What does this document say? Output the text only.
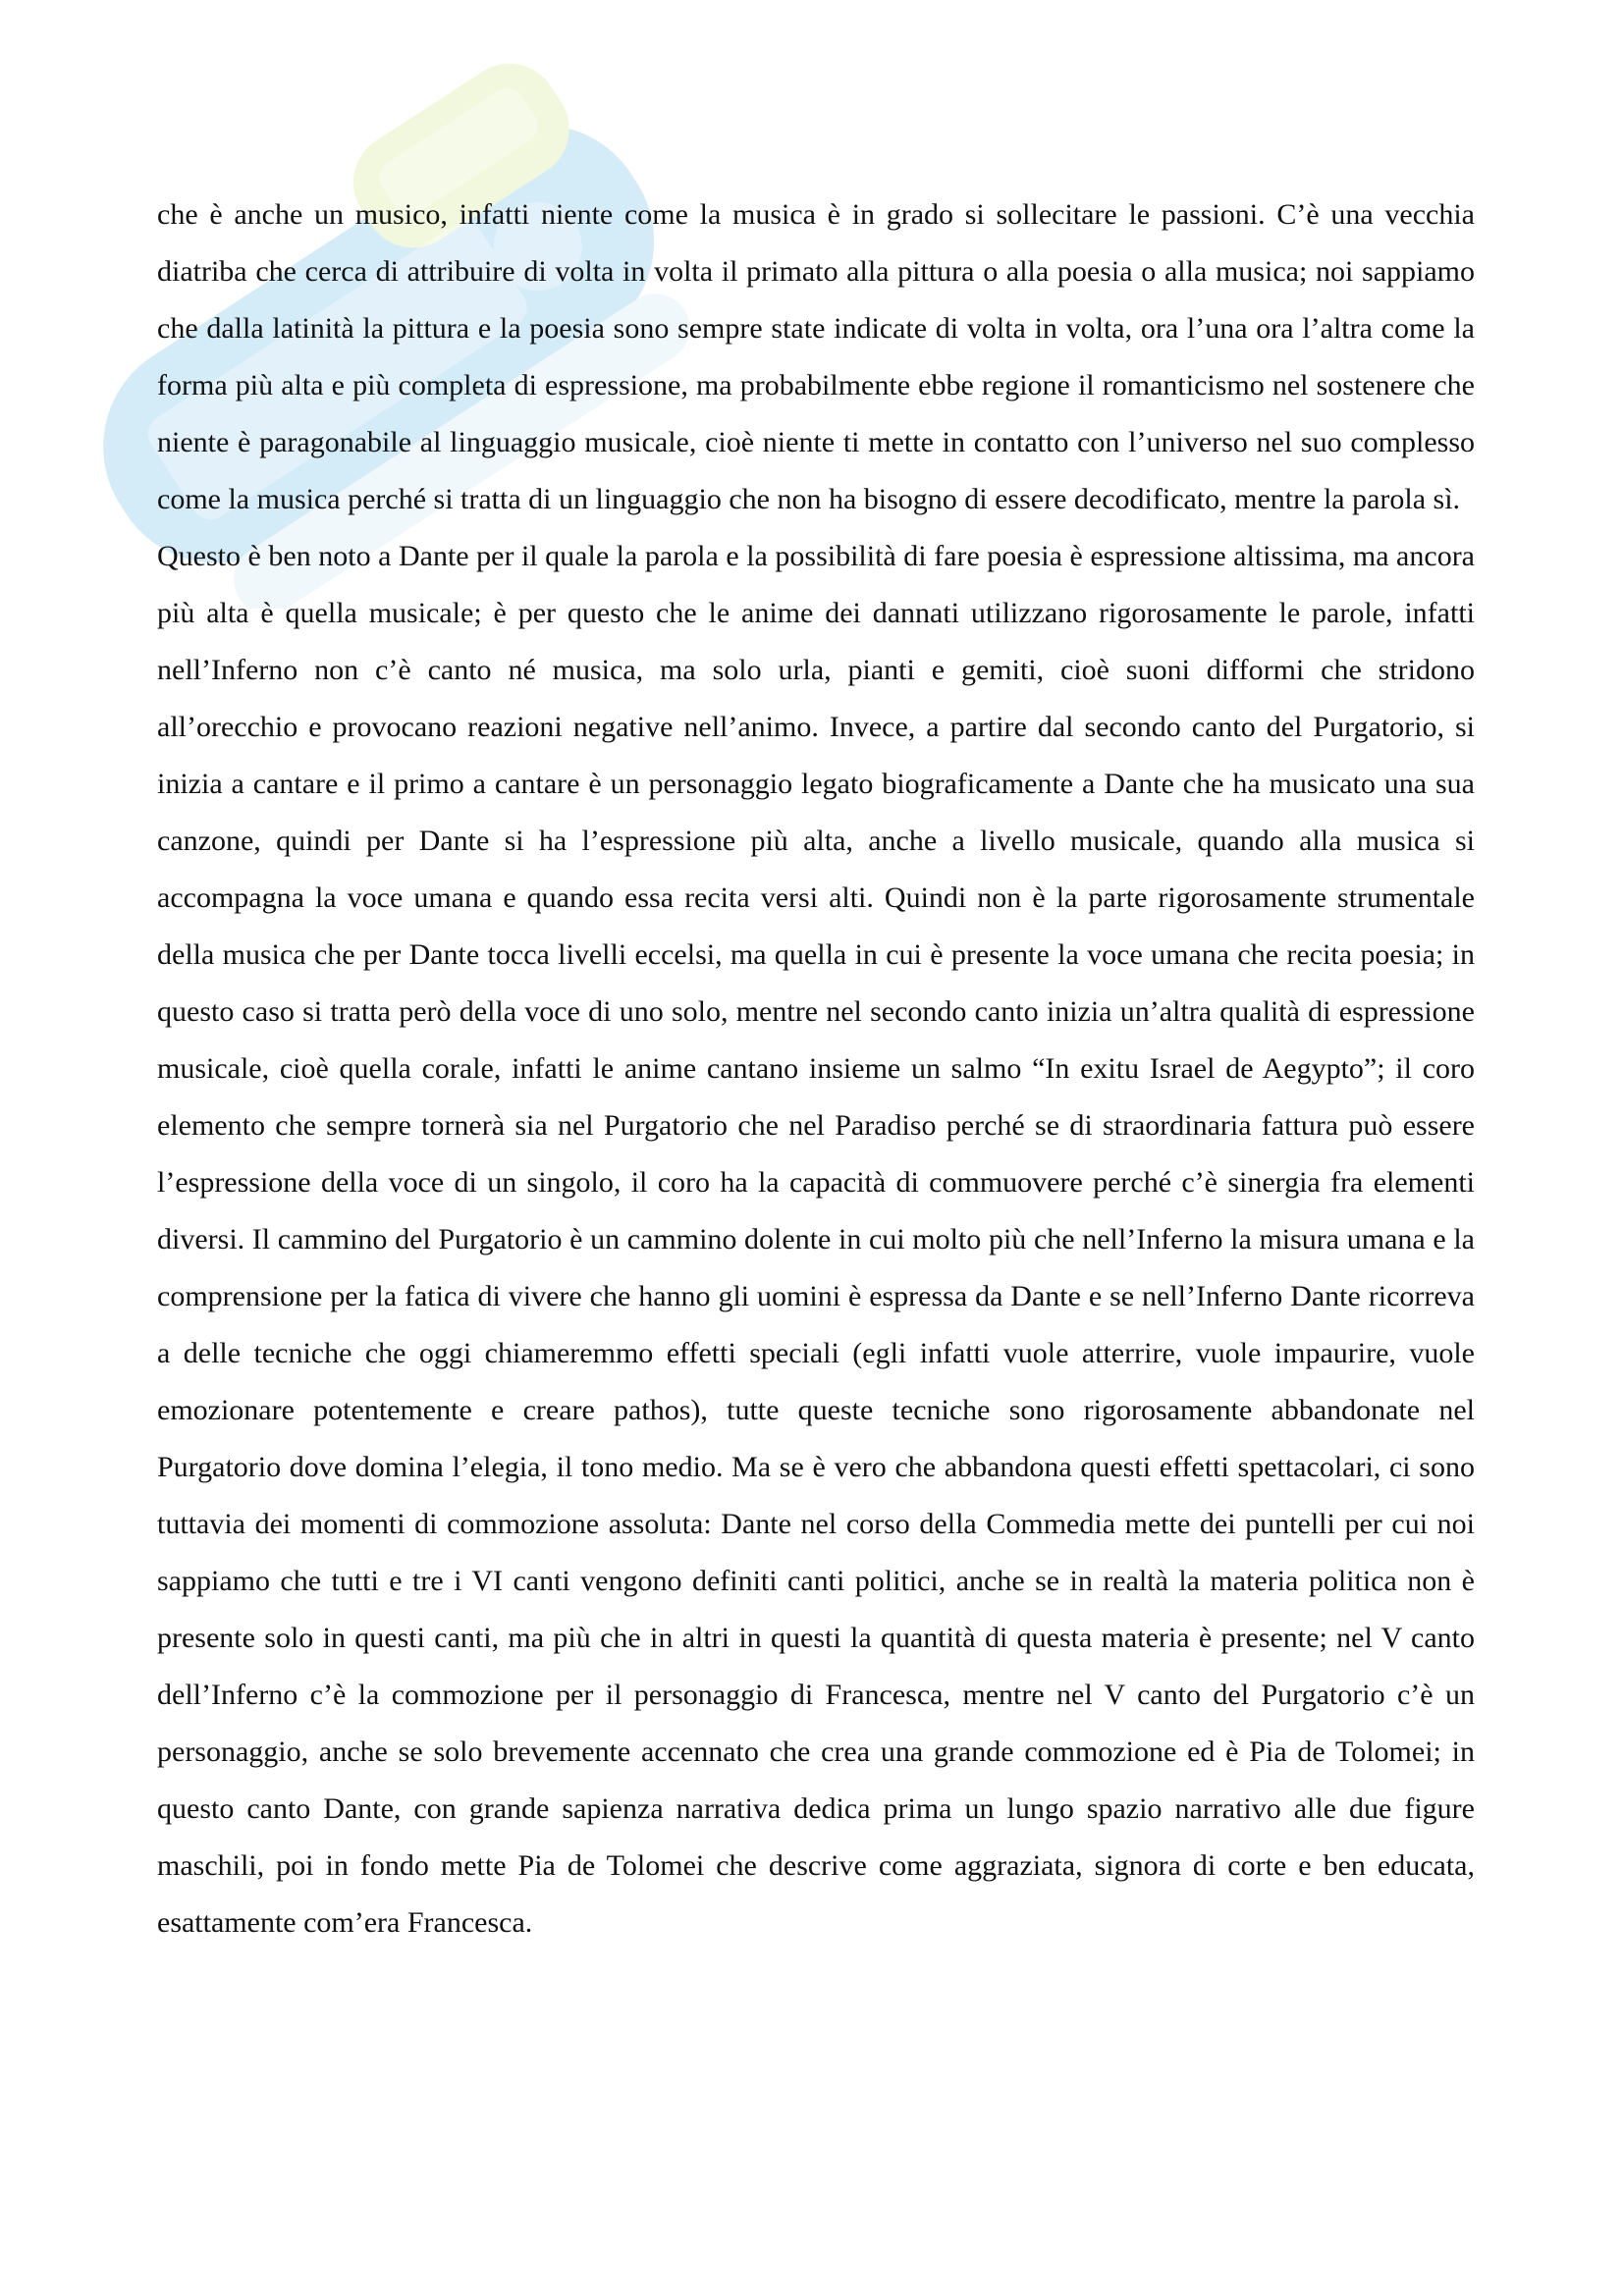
che è anche un musico, infatti niente come la musica è in grado si sollecitare le passioni. C’è una vecchia diatriba che cerca di attribuire di volta in volta il primato alla pittura o alla poesia o alla musica; noi sappiamo che dalla latinità la pittura e la poesia sono sempre state indicate di volta in volta, ora l’una ora l’altra come la forma più alta e più completa di espressione, ma probabilmente ebbe regione il romanticismo nel sostenere che niente è paragonabile al linguaggio musicale, cioè niente ti mette in contatto con l’universo nel suo complesso come la musica perché si tratta di un linguaggio che non ha bisogno di essere decodificato, mentre la parola sì.

Questo è ben noto a Dante per il quale la parola e la possibilità di fare poesia è espressione altissima, ma ancora più alta è quella musicale; è per questo che le anime dei dannati utilizzano rigorosamente le parole, infatti nell’Inferno non c’è canto né musica, ma solo urla, pianti e gemiti, cioè suoni difformi che stridono all’orecchio e provocano reazioni negative nell’animo. Invece, a partire dal secondo canto del Purgatorio, si inizia a cantare e il primo a cantare è un personaggio legato biograficamente a Dante che ha musicato una sua canzone, quindi per Dante si ha l’espressione più alta, anche a livello musicale, quando alla musica si accompagna la voce umana e quando essa recita versi alti. Quindi non è la parte rigorosamente strumentale della musica che per Dante tocca livelli eccelsi, ma quella in cui è presente la voce umana che recita poesia; in questo caso si tratta però della voce di uno solo, mentre nel secondo canto inizia un’altra qualità di espressione musicale, cioè quella corale, infatti le anime cantano insieme un salmo “In exitu Israel de Aegypto”; il coro elemento che sempre tornerà sia nel Purgatorio che nel Paradiso perché se di straordinaria fattura può essere l’espressione della voce di un singolo, il coro ha la capacità di commuovere perché c’è sinergia fra elementi diversi. Il cammino del Purgatorio è un cammino dolente in cui molto più che nell’Inferno la misura umana e la comprensione per la fatica di vivere che hanno gli uomini è espressa da Dante e se nell’Inferno Dante ricorreva a delle tecniche che oggi chiameremmo effetti speciali (egli infatti vuole atterrire, vuole impaurire, vuole emozionare potentemente e creare pathos), tutte queste tecniche sono rigorosamente abbandonate nel Purgatorio dove domina l’elegia, il tono medio. Ma se è vero che abbandona questi effetti spettacolari, ci sono tuttavia dei momenti di commozione assoluta: Dante nel corso della Commedia mette dei puntelli per cui noi sappiamo che tutti e tre i VI canti vengono definiti canti politici, anche se in realtà la materia politica non è presente solo in questi canti, ma più che in altri in questi la quantità di questa materia è presente; nel V canto dell’Inferno c’è la commozione per il personaggio di Francesca, mentre nel V canto del Purgatorio c’è un personaggio, anche se solo brevemente accennato che crea una grande commozione ed è Pia de Tolomei; in questo canto Dante, con grande sapienza narrativa dedica prima un lungo spazio narrativo alle due figure maschili, poi in fondo mette Pia de Tolomei che descrive come aggraziata, signora di corte e ben educata, esattamente com’era Francesca.
